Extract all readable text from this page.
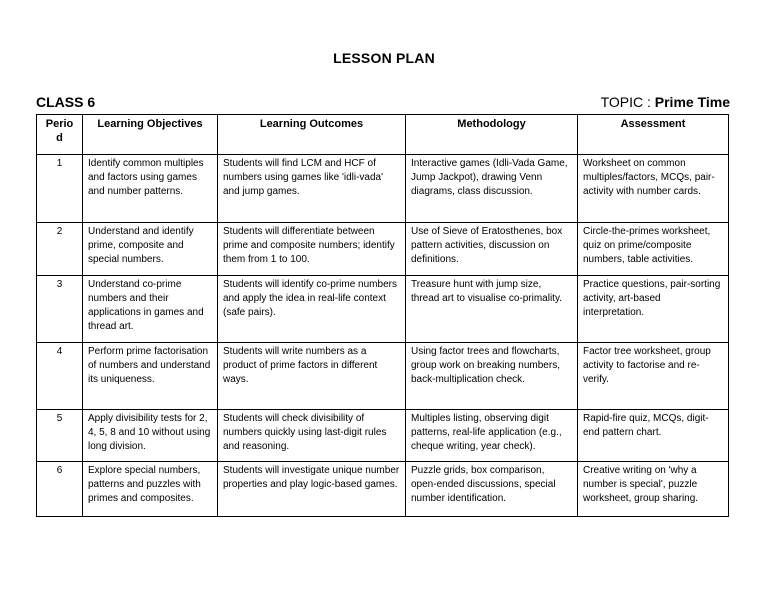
LESSON PLAN
CLASS 6	TOPIC : Prime Time
Perio d	Learning Objectives	Learning Outcomes	Methodology	Assessment
1	Identify common multiples and factors using games and number patterns.	Students will find LCM and HCF of numbers using games like 'idli-vada' and jump games.	Interactive games (Idli-Vada Game, Jump Jackpot), drawing Venn diagrams, class discussion.	Worksheet on common multiples/factors, MCQs, pair-activity with number cards.
2	Understand and identify prime, composite and special numbers.	Students will differentiate between prime and composite numbers; identify them from 1 to 100.	Use of Sieve of Eratosthenes, box pattern activities, discussion on definitions.	Circle-the-primes worksheet, quiz on prime/composite numbers, table activities.
3	Understand co-prime numbers and their applications in games and thread art.	Students will identify co-prime numbers and apply the idea in real-life context (safe pairs).	Treasure hunt with jump size, thread art to visualise co-primality.	Practice questions, pair-sorting activity, art-based interpretation.
4	Perform prime factorisation of numbers and understand its uniqueness.	Students will write numbers as a product of prime factors in different ways.	Using factor trees and flowcharts, group work on breaking numbers, back-multiplication check.	Factor tree worksheet, group activity to factorise and re-verify.
5	Apply divisibility tests for 2, 4, 5, 8 and 10 without using long division.	Students will check divisibility of numbers quickly using last-digit rules and reasoning.	Multiples listing, observing digit patterns, real-life application (e.g., cheque writing, year check).	Rapid-fire quiz, MCQs, digit-end pattern chart.
6	Explore special numbers, patterns and puzzles with primes and composites.	Students will investigate unique number properties and play logic-based games.	Puzzle grids, box comparison, open-ended discussions, special number identification.	Creative writing on 'why a number is special', puzzle worksheet, group sharing.
